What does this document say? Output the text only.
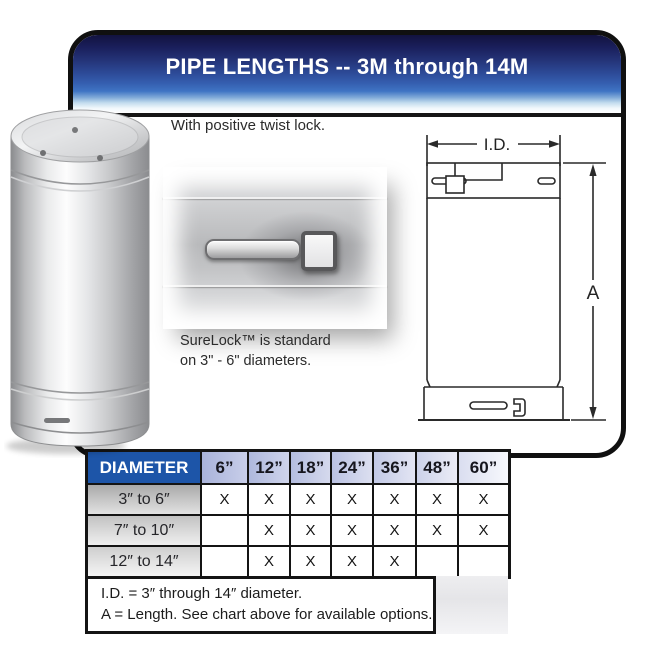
PIPE LENGTHS -- 3M through 14M
With positive twist lock.
SureLock™ is standard
on 3" - 6" diameters.
I.D.
A
DIAMETER	6”	12”	18”	24”	36”	48”	60”
3″ to 6″	X	X	X	X	X	X	X
7″ to 10″		X	X	X	X	X	X
12″ to 14″		X	X	X	X		
I.D. = 3″ through 14″ diameter.
A = Length. See chart above for available options.
